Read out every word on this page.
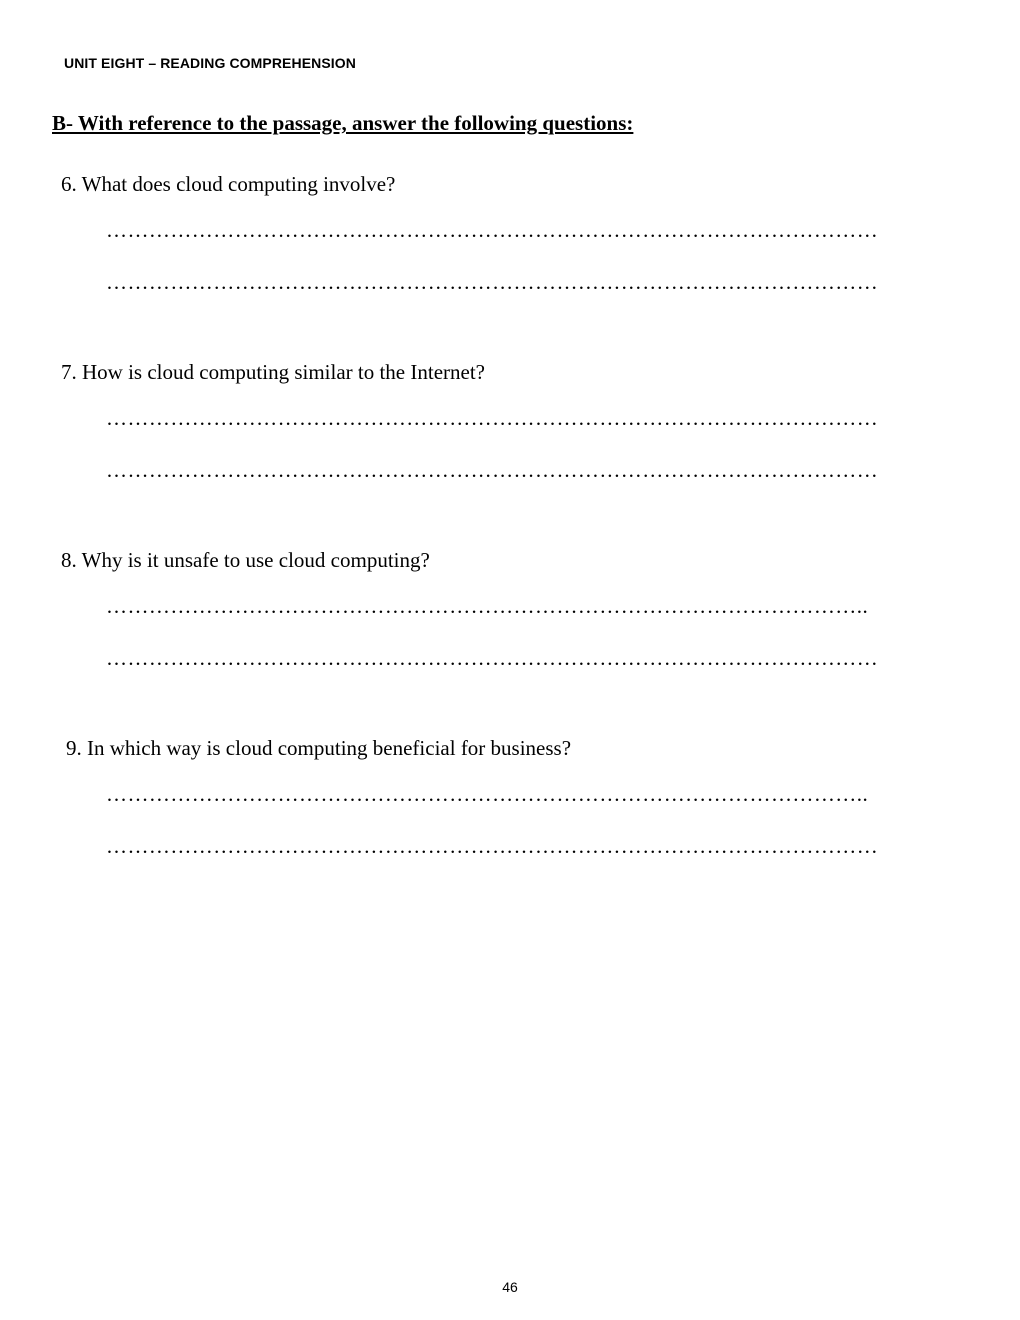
UNIT EIGHT – READING COMPREHENSION
B- With reference to the passage, answer the following questions:
6. What does cloud computing involve?
………………………………………………………………………………………………
………………………………………………………………………………………………
7. How is cloud computing similar to the Internet?
………………………………………………………………………………………………
………………………………………………………………………………………………
8. Why is it unsafe to use cloud computing?
……………………………………………………………………………………………..
………………………………………………………………………………………………
9. In which way is cloud computing beneficial for business?
……………………………………………………………………………………………..
………………………………………………………………………………………………
46
